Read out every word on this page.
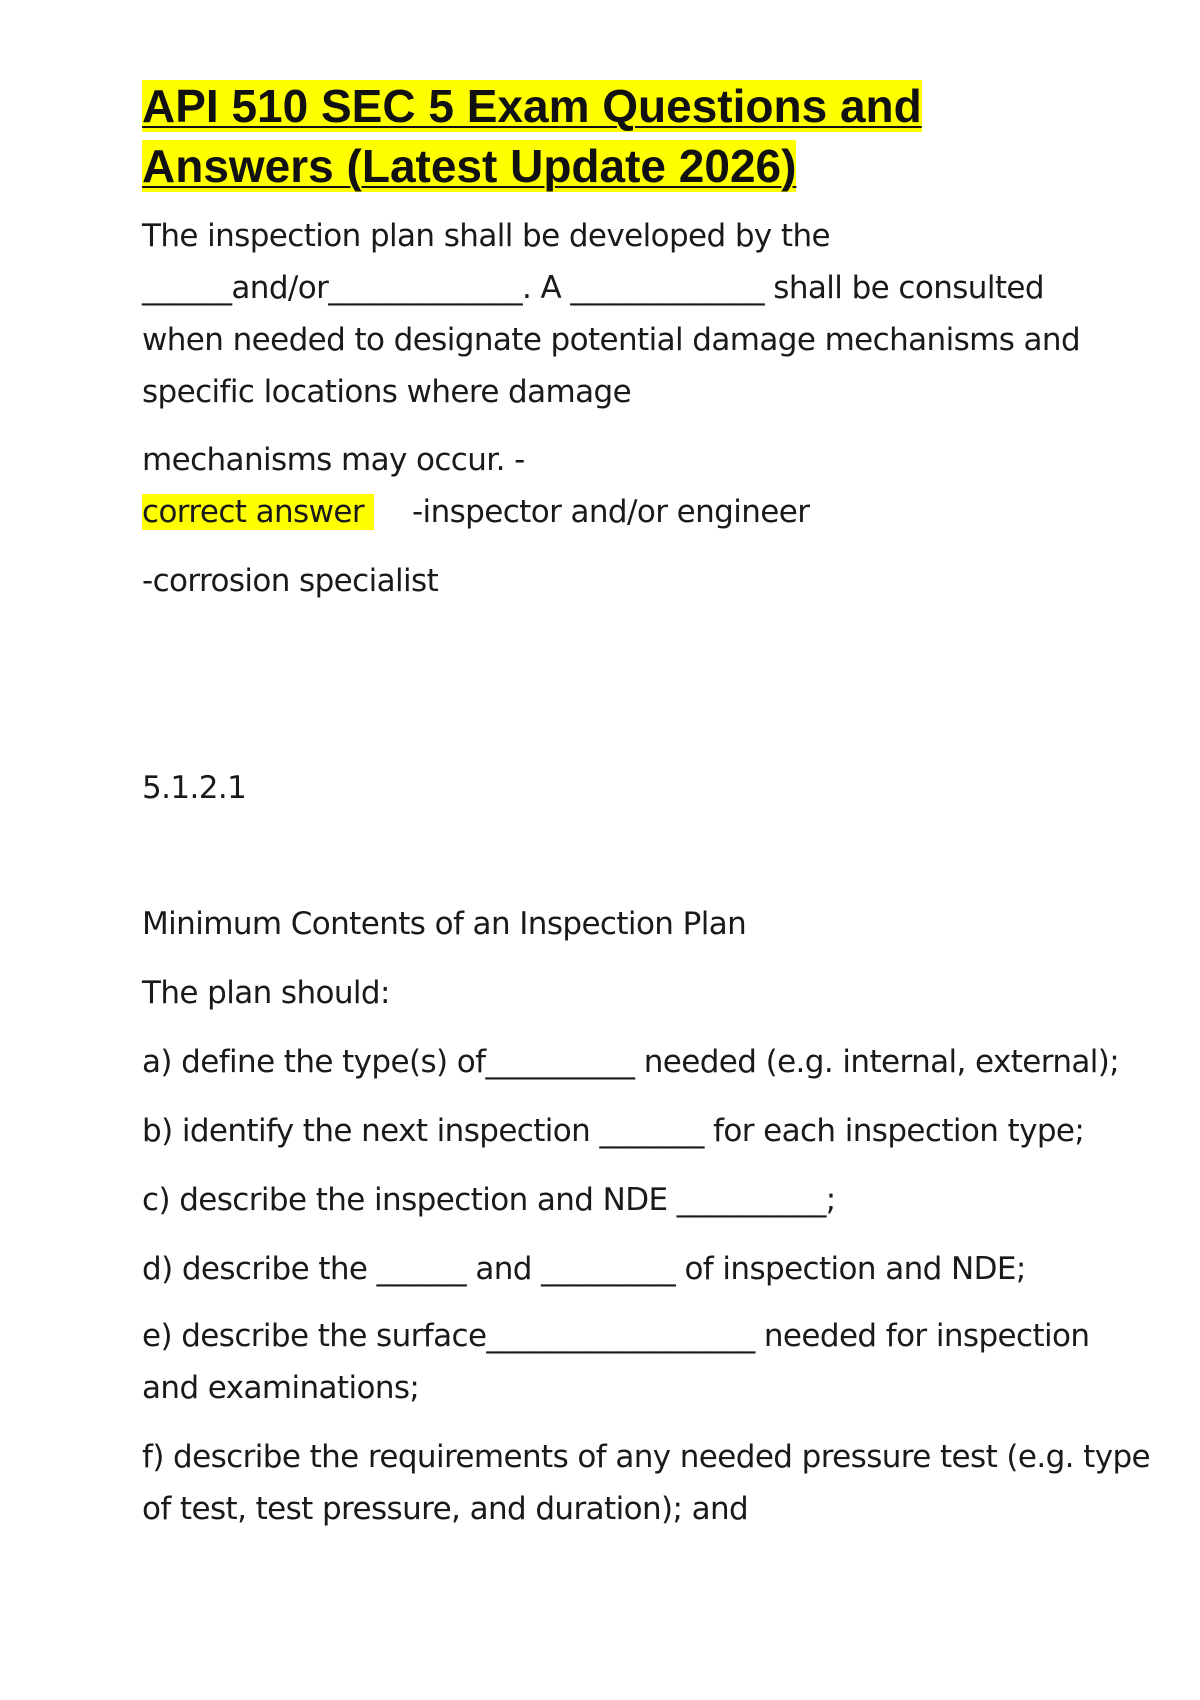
API 510 SEC 5 Exam Questions and
Answers (Latest Update 2026)

The inspection plan shall be developed by the

______and/or_____________. A _____________ shall be consulted

when needed to designate potential damage mechanisms and

specific locations where damage

mechanisms may occur. -

correct answer -inspector and/or engineer

-corrosion specialist

5.1.2.1

Minimum Contents of an Inspection Plan

The plan should:

a) define the type(s) of__________ needed (e.g. internal, external);

b) identify the next inspection _______ for each inspection type;

c) describe the inspection and NDE __________;

d) describe the ______ and _________ of inspection and NDE;

e) describe the surface__________________ needed for inspection

and examinations;

f) describe the requirements of any needed pressure test (e.g. type

of test, test pressure, and duration); and
